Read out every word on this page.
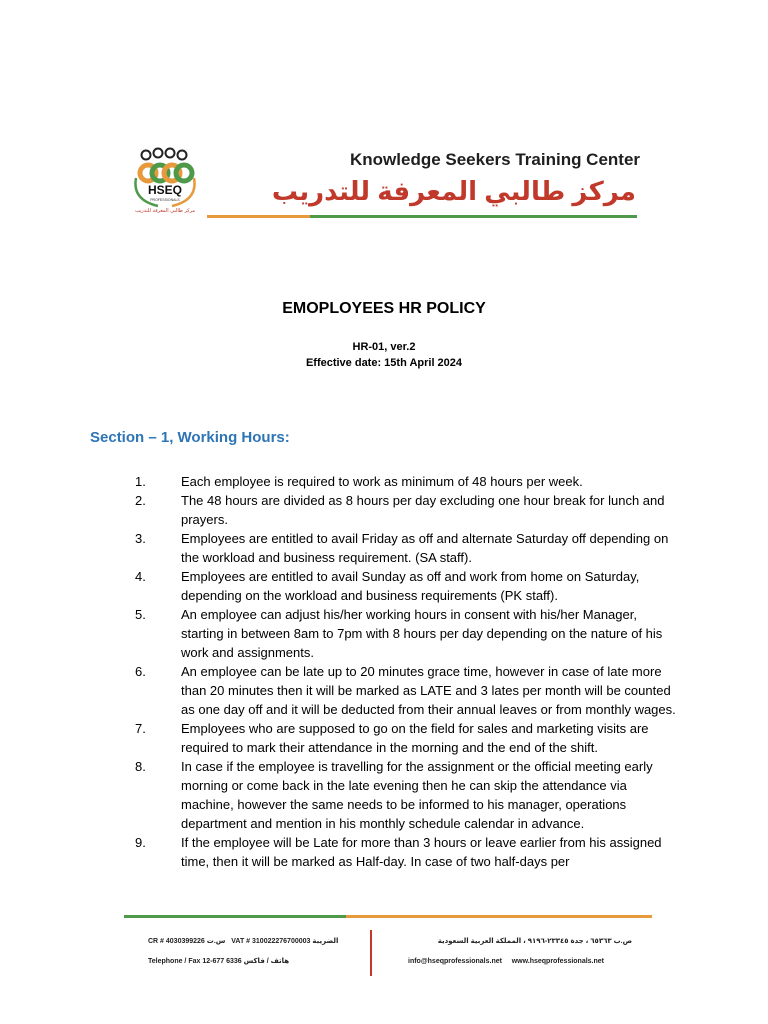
HSEQ
PROFESSIONALS
مركز طالبي المعرفة للتدريب
Knowledge Seekers Training Center
مركز طالبي المعرفة للتدريب
EMOPLOYEES HR POLICY
HR-01, ver.2
Effective date: 15th April 2024
Section – 1, Working Hours:
1.	Each employee is required to work as minimum of 48 hours per week.
2.	The 48 hours are divided as 8 hours per day excluding one hour break for lunch and prayers.
3.	Employees are entitled to avail Friday as off and alternate Saturday off depending on the workload and business requirement. (SA staff).
4.	Employees are entitled to avail Sunday as off and work from home on Saturday, depending on the workload and business requirements (PK staff).
5.	An employee can adjust his/her working hours in consent with his/her Manager, starting in between 8am to 7pm with 8 hours per day depending on the nature of his work and assignments.
6.	An employee can be late up to 20 minutes grace time, however in case of late more than 20 minutes then it will be marked as LATE and 3 lates per month will be counted as one day off and it will be deducted from their annual leaves or from monthly wages.
7.	Employees who are supposed to go on the field for sales and marketing visits are required to mark their attendance in the morning and the end of the shift.
8.	In case if the employee is travelling for the assignment or the official meeting early morning or come back in the late evening then he can skip the attendance via machine, however the same needs to be informed to his manager, operations department and mention in his monthly schedule calendar in advance.
9.	If the employee will be Late for more than 3 hours or leave earlier from his assigned time, then it will be marked as Half-day. In case of two half-days per
CR # 4030399226 س.ت VAT # 310022276700003 الضريبة
Telephone / Fax 12-677 6336 هاتف / فاكس
ص.ب ٦٥٣٦٣ ، جدة ٢٣٣٤٥-٩١٩٦ ، المملكة العربية السعودية
info@hseqprofessionals.net www.hseqprofessionals.net
